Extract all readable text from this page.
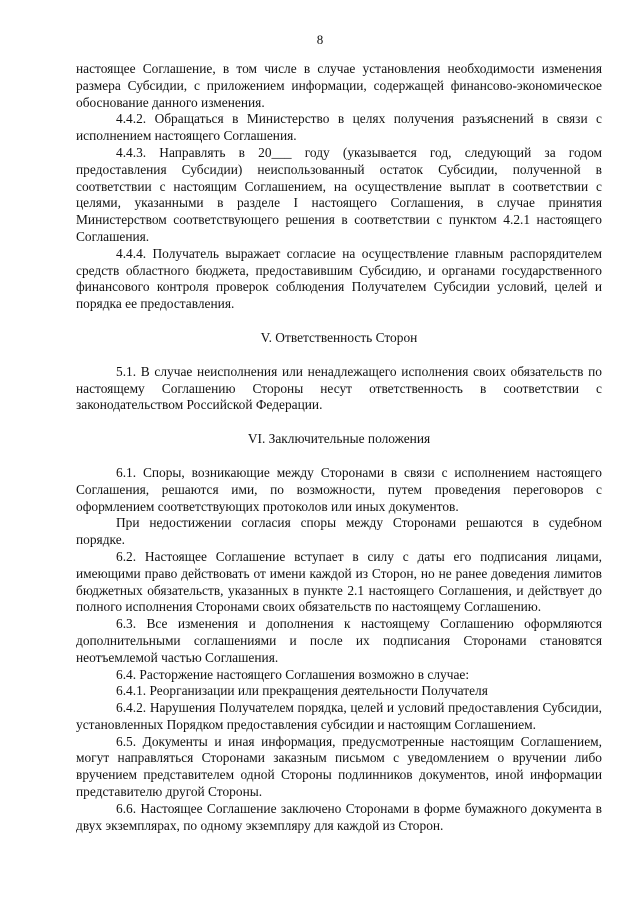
8

настоящее Соглашение, в том числе в случае установления необходимости изменения размера Субсидии, с приложением информации, содержащей финансово-экономическое обоснование данного изменения.

4.4.2. Обращаться в Министерство в целях получения разъяснений в связи с исполнением настоящего Соглашения.

4.4.3. Направлять в 20___ году (указывается год, следующий за годом предоставления Субсидии) неиспользованный остаток Субсидии, полученной в соответствии с настоящим Соглашением, на осуществление выплат в соответствии с целями, указанными в разделе I настоящего Соглашения, в случае принятия Министерством соответствующего решения в соответствии с пунктом 4.2.1 настоящего Соглашения.

4.4.4. Получатель выражает согласие на осуществление главным распорядителем средств областного бюджета, предоставившим Субсидию, и органами государственного финансового контроля проверок соблюдения Получателем Субсидии условий, целей и порядка ее предоставления.

V. Ответственность Сторон

5.1. В случае неисполнения или ненадлежащего исполнения своих обязательств по настоящему Соглашению Стороны несут ответственность в соответствии с законодательством Российской Федерации.

VI. Заключительные положения

6.1. Споры, возникающие между Сторонами в связи с исполнением настоящего Соглашения, решаются ими, по возможности, путем проведения переговоров с оформлением соответствующих протоколов или иных документов.

При недостижении согласия споры между Сторонами решаются в судебном порядке.

6.2. Настоящее Соглашение вступает в силу с даты его подписания лицами, имеющими право действовать от имени каждой из Сторон, но не ранее доведения лимитов бюджетных обязательств, указанных в пункте 2.1 настоящего Соглашения, и действует до полного исполнения Сторонами своих обязательств по настоящему Соглашению.

6.3. Все изменения и дополнения к настоящему Соглашению оформляются дополнительными соглашениями и после их подписания Сторонами становятся неотъемлемой частью Соглашения.

6.4. Расторжение настоящего Соглашения возможно в случае:

6.4.1. Реорганизации или прекращения деятельности Получателя

6.4.2. Нарушения Получателем порядка, целей и условий предоставления Субсидии, установленных Порядком предоставления субсидии и настоящим Соглашением.

6.5. Документы и иная информация, предусмотренные настоящим Соглашением, могут направляться Сторонами заказным письмом с уведомлением о вручении либо вручением представителем одной Стороны подлинников документов, иной информации представителю другой Стороны.

6.6. Настоящее Соглашение заключено Сторонами в форме бумажного документа в двух экземплярах, по одному экземпляру для каждой из Сторон.
